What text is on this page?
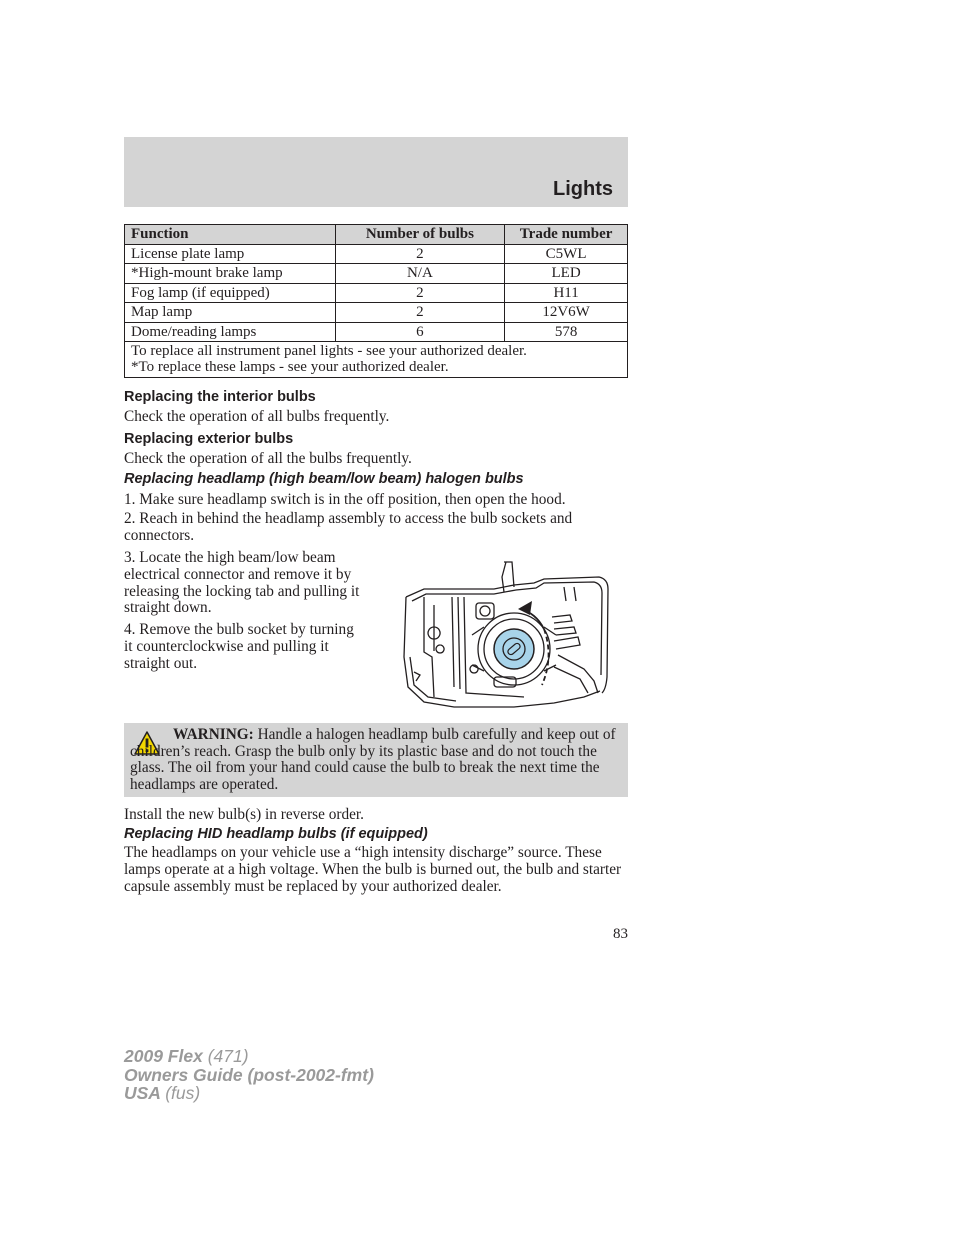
Lights
Function	Number of bulbs	Trade number
License plate lamp	2	C5WL
*High-mount brake lamp	N/A	LED
Fog lamp (if equipped)	2	H11
Map lamp	2	12V6W
Dome/reading lamps	6	578

To replace all instrument panel lights - see your authorized dealer.
*To replace these lamps - see your authorized dealer.		
Replacing the interior bulbs
Check the operation of all bulbs frequently.
Replacing exterior bulbs
Check the operation of all the bulbs frequently.
Replacing headlamp (high beam/low beam) halogen bulbs
1. Make sure headlamp switch is in the off position, then open the hood.
2. Reach in behind the headlamp assembly to access the bulb sockets and connectors.
3. Locate the high beam/low beam electrical connector and remove it by releasing the locking tab and pulling it straight down.
4. Remove the bulb socket by turning it counterclockwise and pulling it straight out.
WARNING: Handle a halogen headlamp bulb carefully and keep out of children’s reach. Grasp the bulb only by its plastic base and do not touch the glass. The oil from your hand could cause the bulb to break the next time the headlamps are operated.
Install the new bulb(s) in reverse order.
Replacing HID headlamp bulbs (if equipped)
The headlamps on your vehicle use a “high intensity discharge” source. These lamps operate at a high voltage. When the bulb is burned out, the bulb and starter capsule assembly must be replaced by your authorized dealer.
83
2009 Flex (471)
Owners Guide (post-2002-fmt)
USA (fus)
